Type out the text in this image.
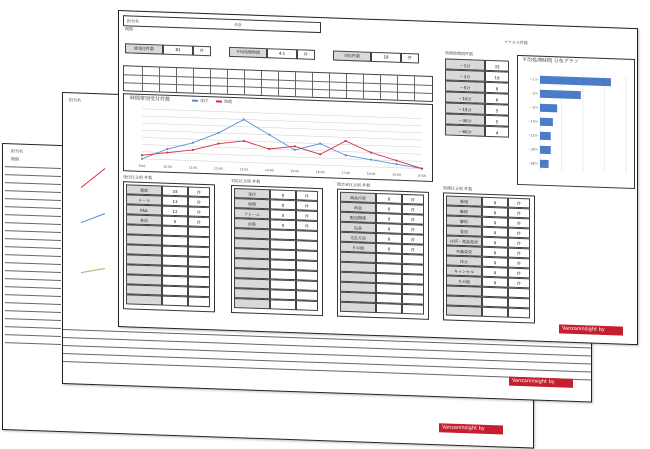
担当名
期間
Vanzaninsight by Vanzen Co.
担当名
Vanzaninsight by Vanzen Co.
担当名
合計
期間
アクセス件数
総受付件数	81	件	平均処理時間	4.1	件	対応件数	18	件
時間帯別受付件数	受付	処理
9:00	10:00	11:00	12:00	13:00	14:00	15:00	16:00	17:00	18:00	19:00	20:00
処理時間別件数
〜1分	33
〜3分	19
〜5分	8
〜10分	6
〜15分	5
〜30分	5
〜60分	4
平均処理時間 分布グラフ
〜1分
〜3分
〜5分
〜10分
〜15分
〜30分
〜60分
受付区分別 件数
対応区分別 件数
問合せ区分別 件数
処理区分別 件数
電話	33	件
メール	13	件
FAX	12	件
来訪	5	件
受付	0	件
処理	0	件
クレーム	0	件
回答	0	件
商品内容	0	件
料金	0	件
配送関係	0	件
返品	0	件
支払方法	0	件
その他	0	件
新規	0	件
継続	0	件
解約	0	件
変更	0	件
住所・電話変更	0	件
名義変更	0	件
休止	0	件
キャンセル	0	件
その他	0	件
Vanzaninsight by Vanzen Co.
